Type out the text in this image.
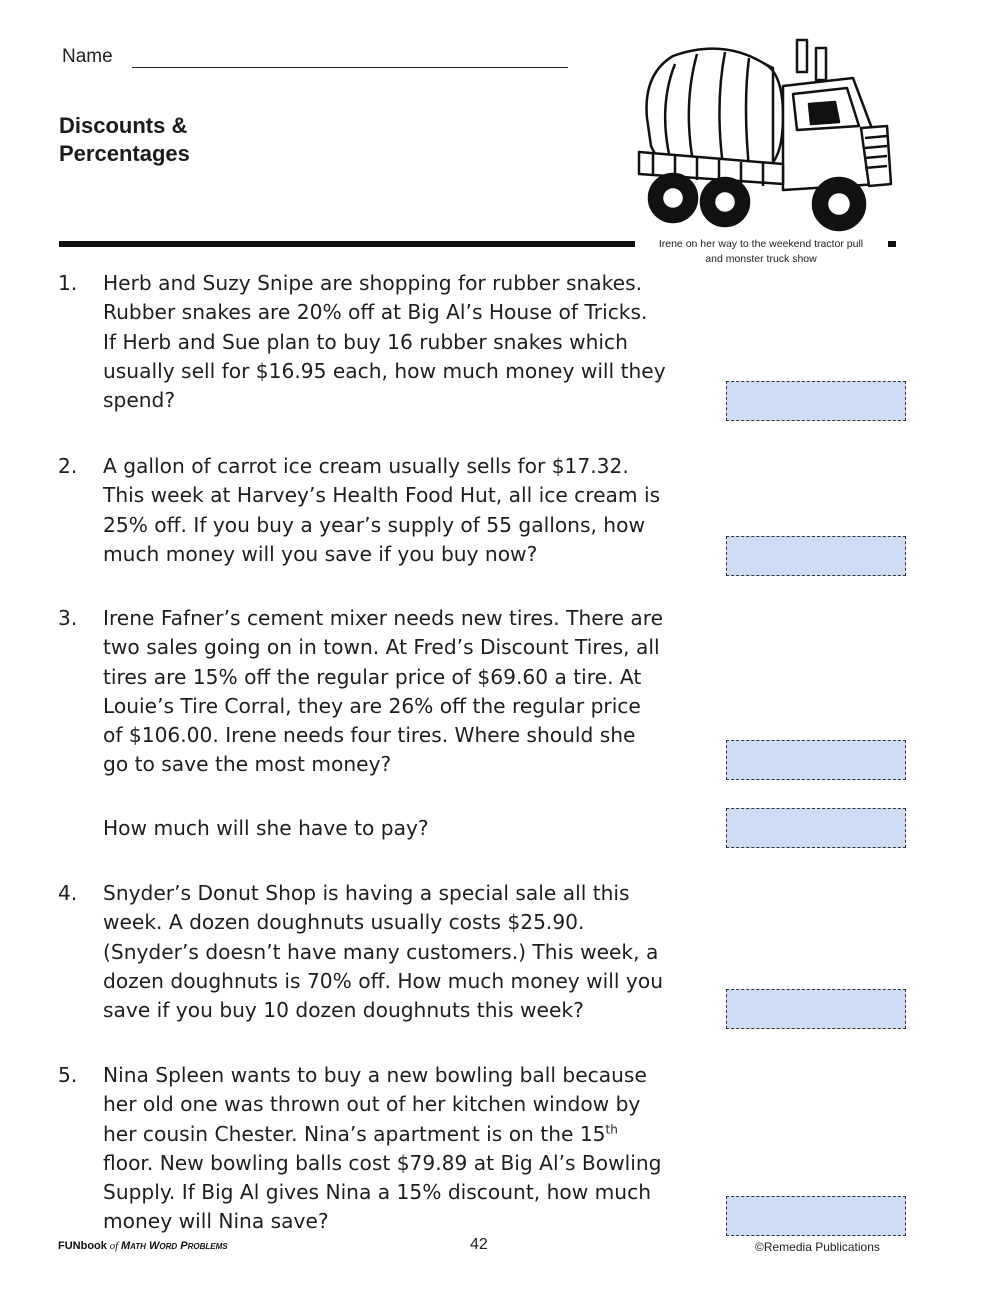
Name
Discounts &
Percentages
Irene on her way to the weekend tractor pull
and monster truck show
1.	Herb and Suzy Snipe are shopping for rubber snakes.
Rubber snakes are 20% off at Big Al’s House of Tricks.
If Herb and Sue plan to buy 16 rubber snakes which
usually sell for $16.95 each, how much money will they
spend?
2.	A gallon of carrot ice cream usually sells for $17.32.
This week at Harvey’s Health Food Hut, all ice cream is
25% off. If you buy a year’s supply of 55 gallons, how
much money will you save if you buy now?
3.	Irene Fafner’s cement mixer needs new tires. There are
two sales going on in town. At Fred’s Discount Tires, all
tires are 15% off the regular price of $69.60 a tire. At
Louie’s Tire Corral, they are 26% off the regular price
of $106.00. Irene needs four tires. Where should she
go to save the most money?
How much will she have to pay?
4.	Snyder’s Donut Shop is having a special sale all this
week. A dozen doughnuts usually costs $25.90.
(Snyder’s doesn’t have many customers.) This week, a
dozen doughnuts is 70% off. How much money will you
save if you buy 10 dozen doughnuts this week?
5.	Nina Spleen wants to buy a new bowling ball because
her old one was thrown out of her kitchen window by
her cousin Chester. Nina’s apartment is on the 15th
floor. New bowling balls cost $79.89 at Big Al’s Bowling
Supply. If Big Al gives Nina a 15% discount, how much
money will Nina save?
FUNbook of Math Word Problems	42	©Remedia Publications
